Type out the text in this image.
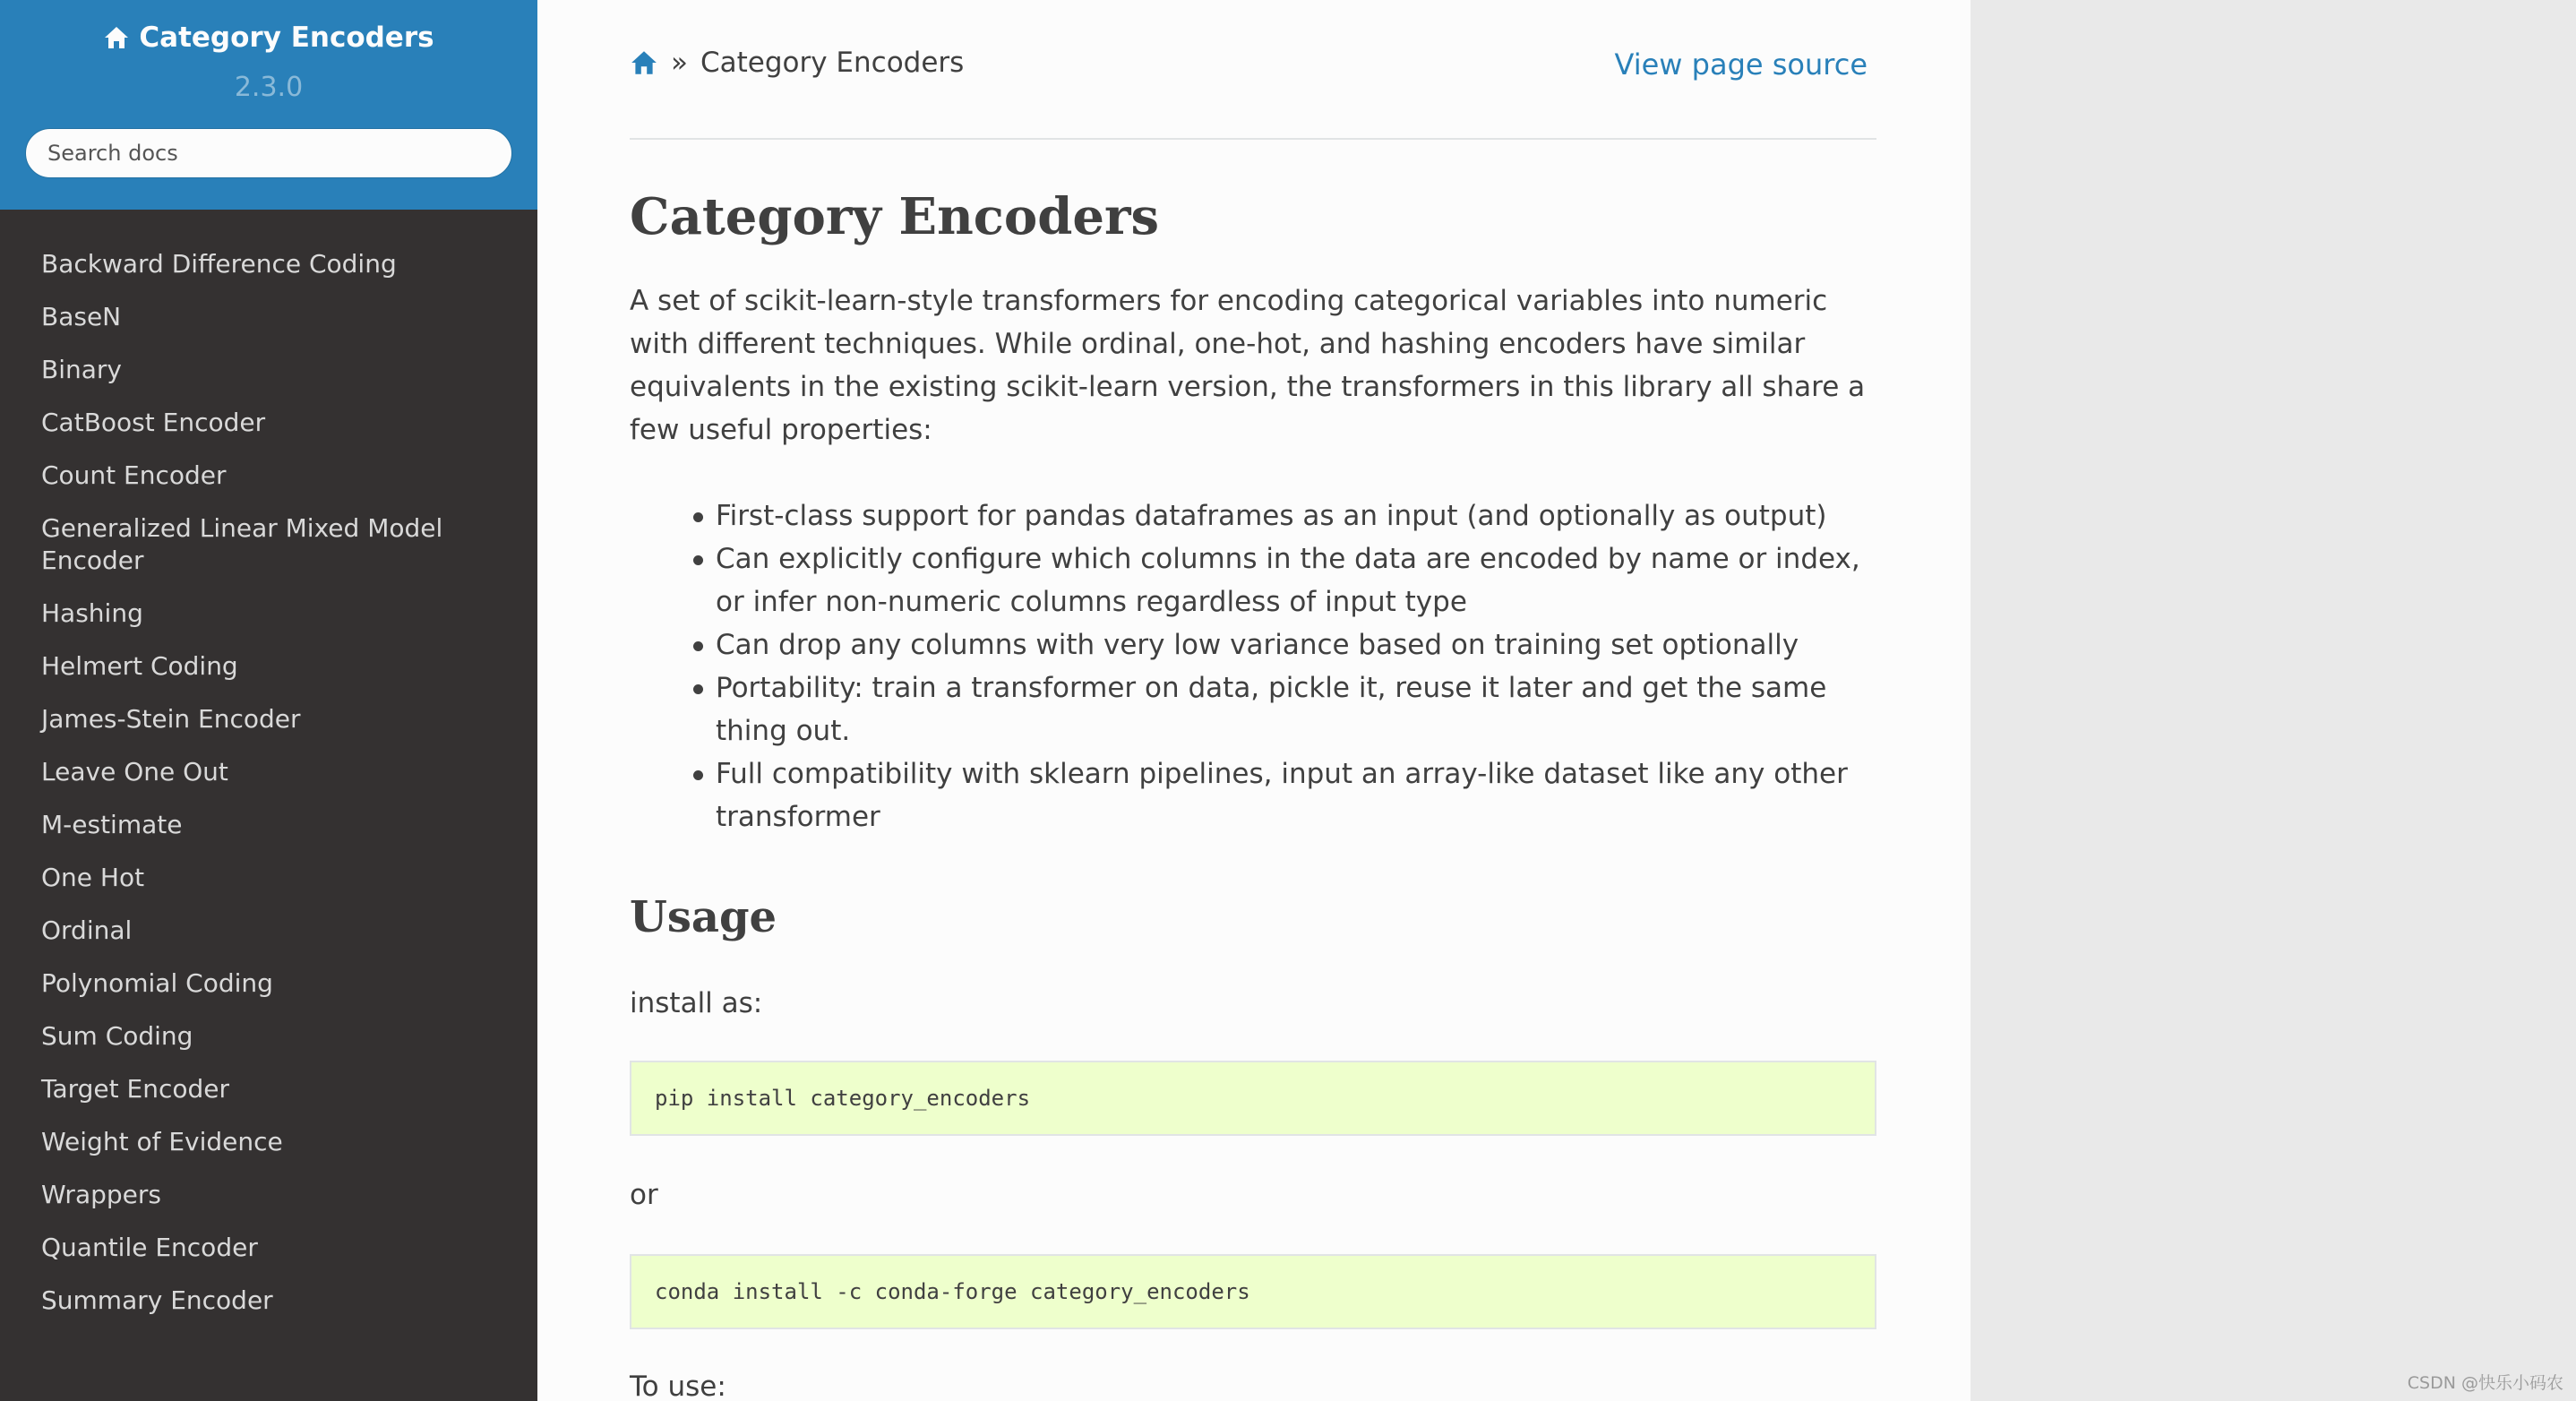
Category Encoders
2.3.0
Search docs
Backward Difference Coding
BaseN
Binary
CatBoost Encoder
Count Encoder
Generalized Linear Mixed Model Encoder
Hashing
Helmert Coding
James-Stein Encoder
Leave One Out
M-estimate
One Hot
Ordinal
Polynomial Coding
Sum Coding
Target Encoder
Weight of Evidence
Wrappers
Quantile Encoder
Summary Encoder
» Category Encoders	View page source
Category Encoders

A set of scikit-learn-style transformers for encoding categorical variables into numeric with different techniques. While ordinal, one-hot, and hashing encoders have similar equivalents in the existing scikit-learn version, the transformers in this library all share a few useful properties:

First-class support for pandas dataframes as an input (and optionally as output)
Can explicitly configure which columns in the data are encoded by name or index, or infer non-numeric columns regardless of input type
Can drop any columns with very low variance based on training set optionally
Portability: train a transformer on data, pickle it, reuse it later and get the same thing out.
Full compatibility with sklearn pipelines, input an array-like dataset like any other transformer
Usage

install as:

pip install category_encoders

or

conda install -c conda-forge category_encoders

To use:	CSDN @快乐小码农
